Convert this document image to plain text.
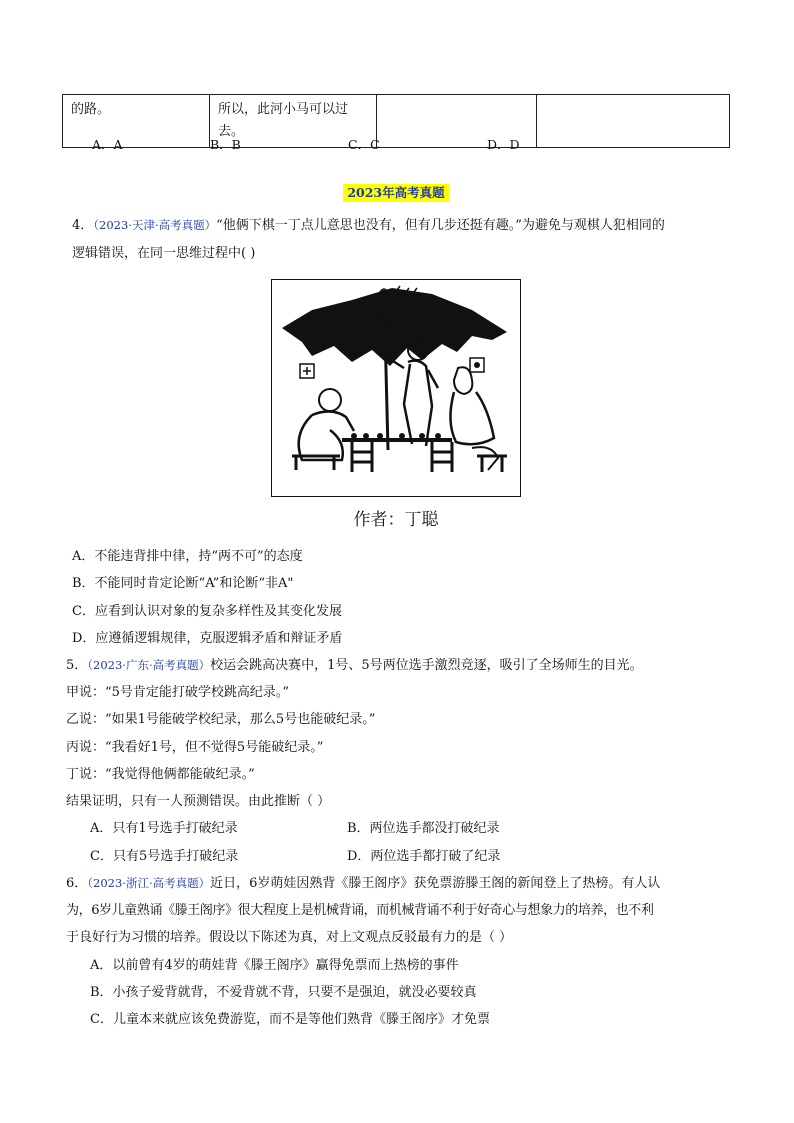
的路。	所以，此河小马可以过去。		
A．A	B．B	C．C	D．D
2023年高考真题
4．（2023·天津·高考真题）“他俩下棋一丁点儿意思也没有，但有几步还挺有趣。”为避免与观棋人犯相同的
逻辑错误，在同一思维过程中( )
作者：丁聪
A．不能违背排中律，持“两不可”的态度
B．不能同时肯定论断“A”和论断“非A"
C．应看到认识对象的复杂多样性及其变化发展
D．应遵循逻辑规律，克服逻辑矛盾和辩证矛盾
5．（2023·广东·高考真题）校运会跳高决赛中，1号、5号两位选手激烈竞逐，吸引了全场师生的目光。
甲说：“5号肯定能打破学校跳高纪录。”
乙说：“如果1号能破学校纪录，那么5号也能破纪录。”
丙说：“我看好1号，但不觉得5号能破纪录。”
丁说：“我觉得他俩都能破纪录。”
结果证明，只有一人预测错误。由此推断（ ）
A．只有1号选手打破纪录	B．两位选手都没打破纪录
C．只有5号选手打破纪录	D．两位选手都打破了纪录
6．（2023·浙江·高考真题）近日，6岁萌娃因熟背《滕王阁序》获免票游滕王阁的新闻登上了热榜。有人认
为，6岁儿童熟诵《滕王阁序》很大程度上是机械背诵，而机械背诵不利于好奇心与想象力的培养，也不利
于良好行为习惯的培养。假设以下陈述为真，对上文观点反驳最有力的是（ ）
A．以前曾有4岁的萌娃背《滕王阁序》赢得免票而上热榜的事件
B．小孩子爱背就背，不爱背就不背，只要不是强迫，就没必要较真
C．儿童本来就应该免费游览，而不是等他们熟背《滕王阁序》才免票
